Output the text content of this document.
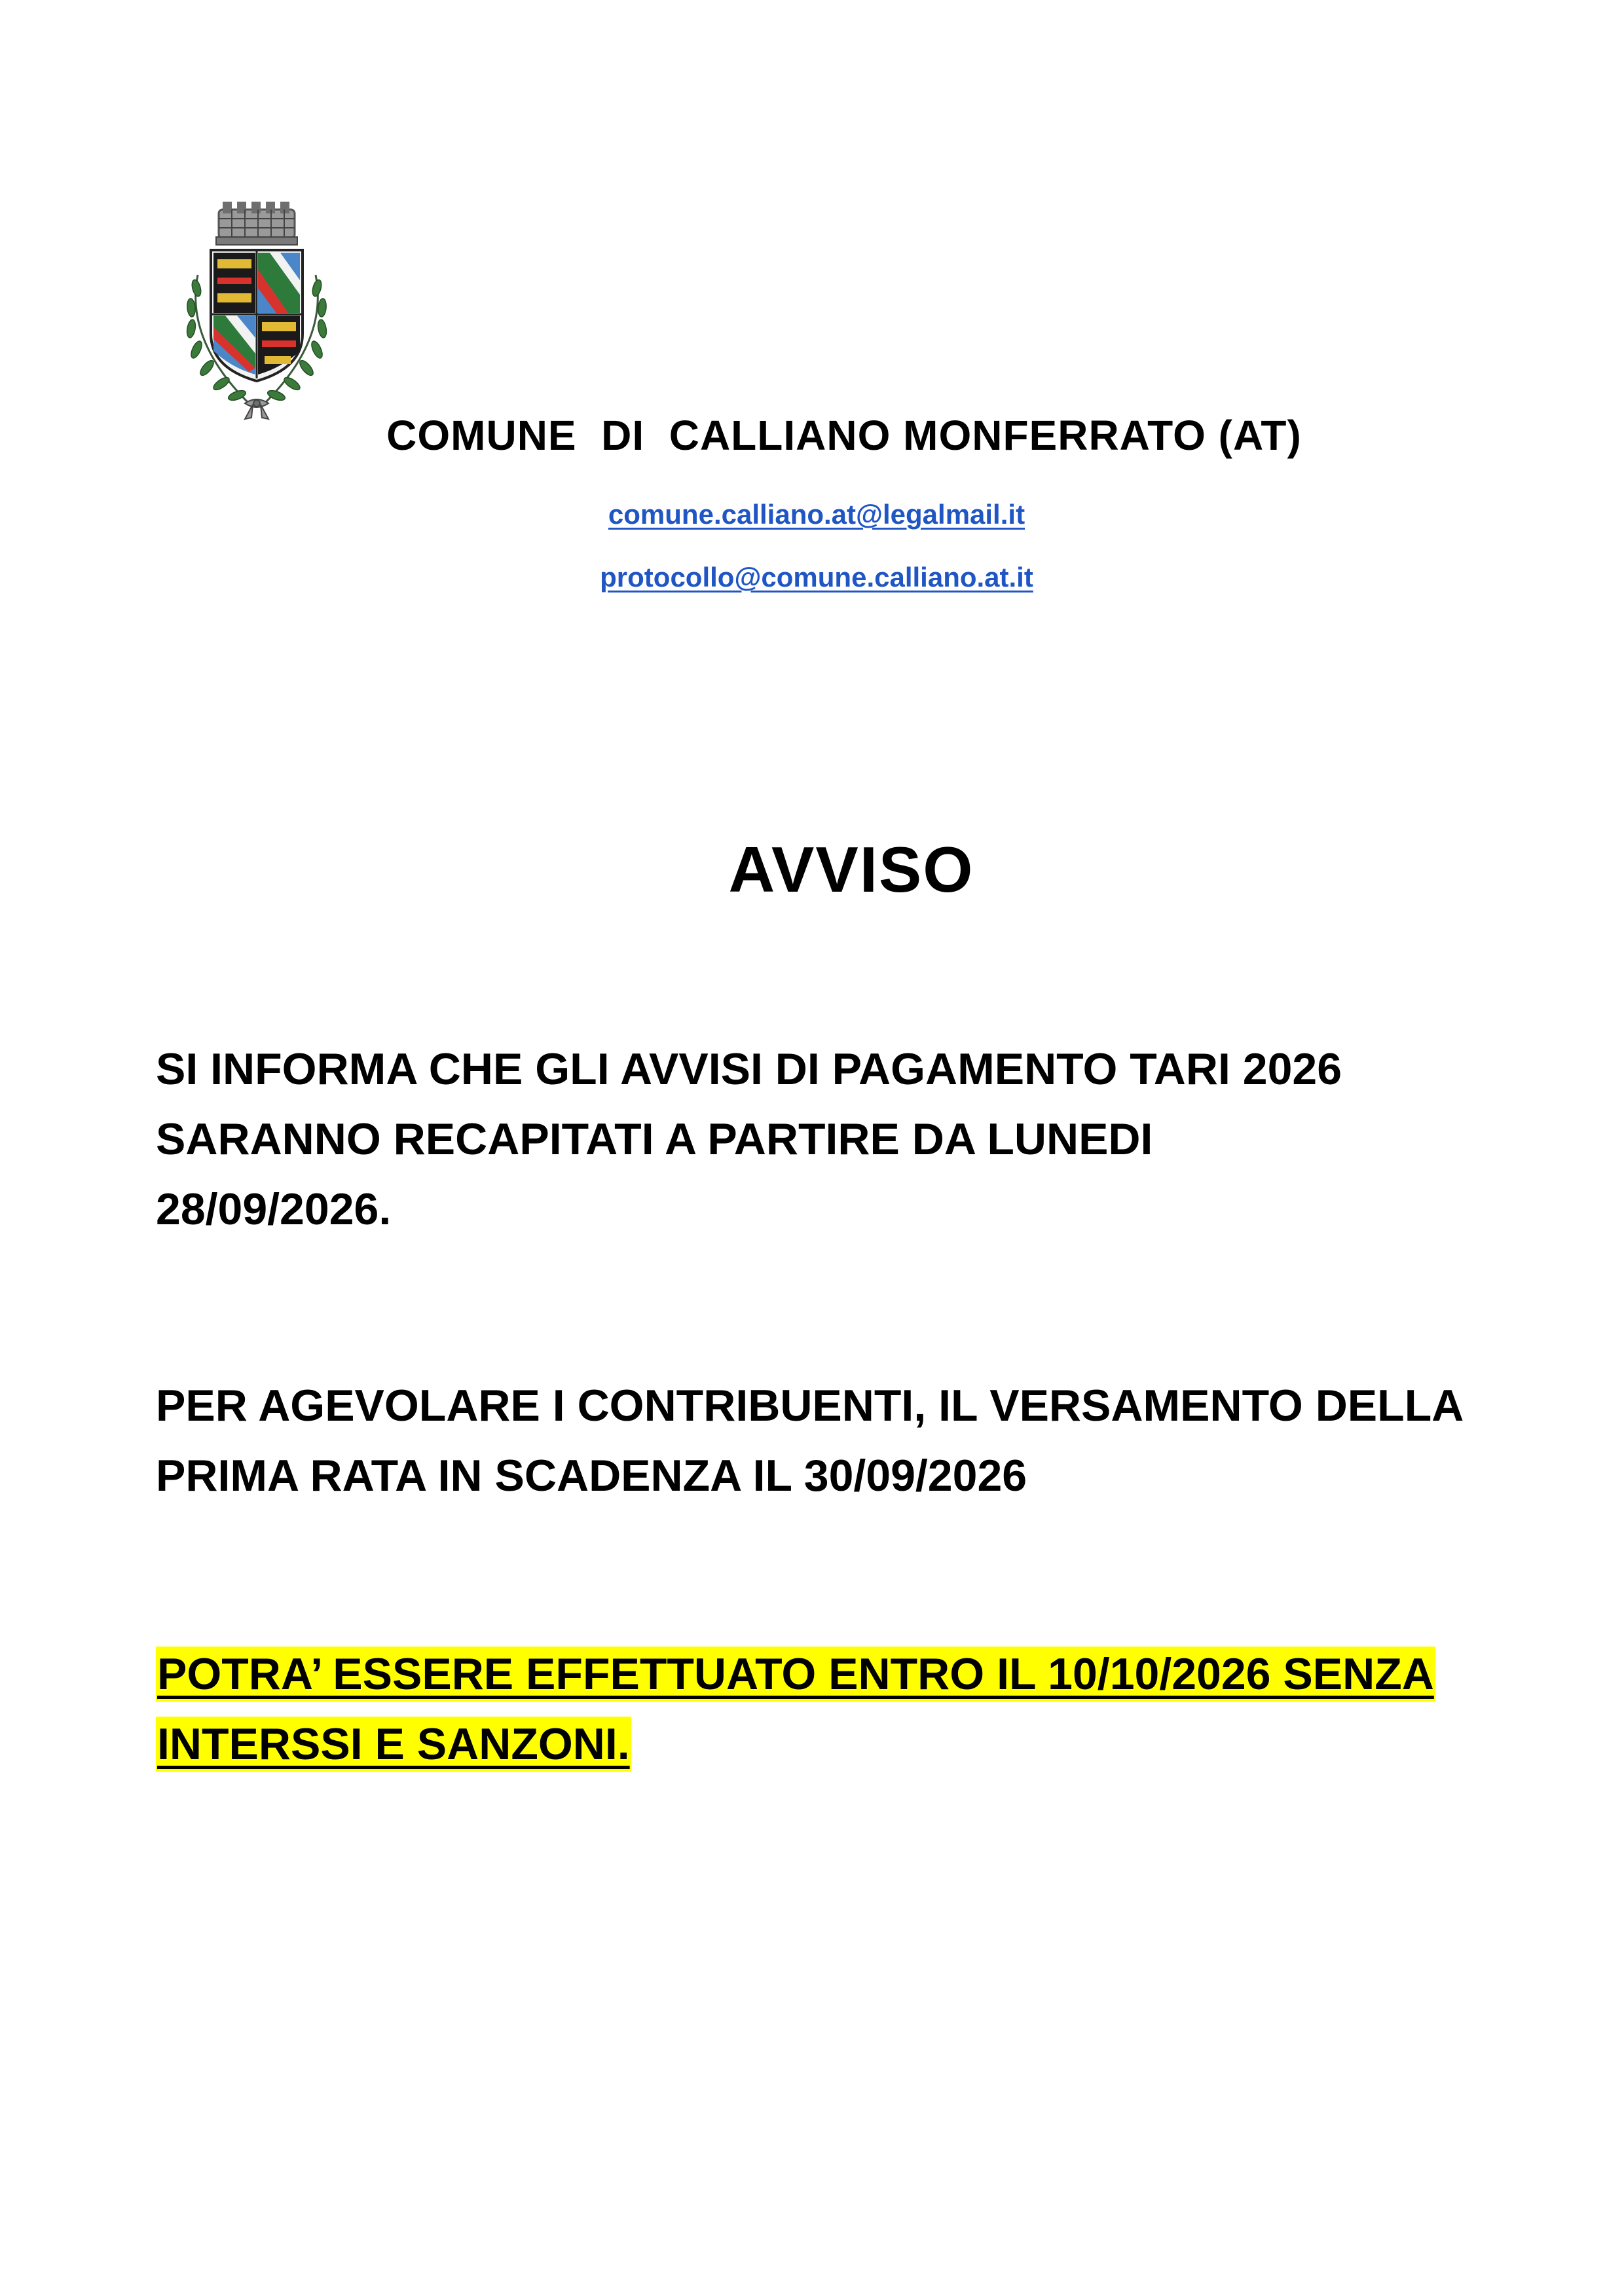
COMUNE  DI  CALLIANO MONFERRATO (AT)
comune.calliano.at@legalmail.it
protocollo@comune.calliano.at.it
AVVISO
SI INFORMA CHE GLI AVVISI DI PAGAMENTO TARI 2026
SARANNO RECAPITATI A PARTIRE DA LUNEDI
28/09/2026.
PER AGEVOLARE I CONTRIBUENTI, IL VERSAMENTO DELLA
PRIMA RATA IN SCADENZA IL 30/09/2026
POTRA’ ESSERE EFFETTUATO ENTRO IL 10/10/2026 SENZA
INTERSSI E SANZONI.
